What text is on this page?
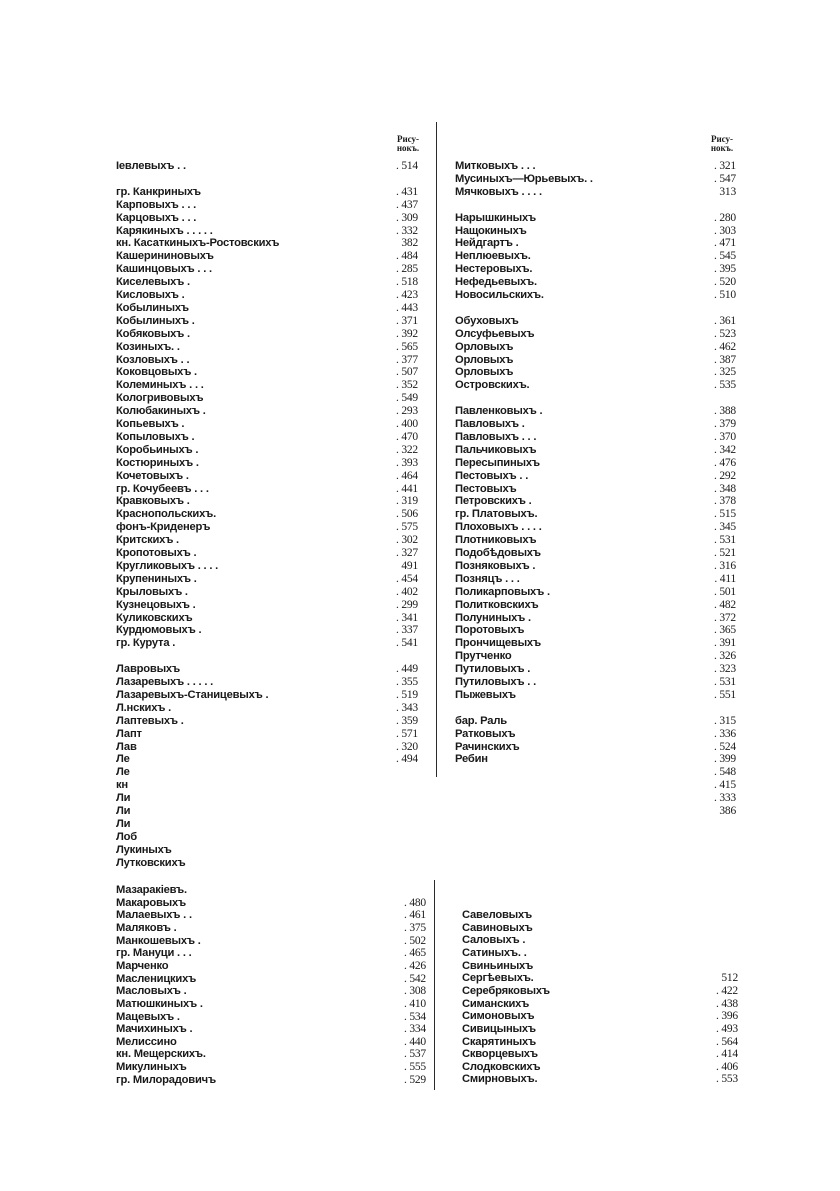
Рису-
нокъ.
Рису-
нокъ.
Іевлевыхъ . .	. 514
гр. Канкриныхъ	. 431
Карповыхъ . . .	. 437
Карцовыхъ . . .	. 309
Карякиныхъ . . . . .	. 332
кн. Касаткиныхъ-Ростовскихъ	382
Кашерининовыхъ	. 484
Кашинцовыхъ . . .	. 285
Киселевыхъ .	. 518
Кисловыхъ .	. 423
Кобылиныхъ	. 443
Кобылиныхъ .	. 371
Кобяковыхъ .	. 392
Козиныхъ. .	. 565
Козловыхъ . .	. 377
Коковцовыхъ .	. 507
Колеминыхъ . . .	. 352
Кологривовыхъ	. 549
Колюбакиныхъ .	. 293
Копьевыхъ .	. 400
Копыловыхъ .	. 470
Коробьиныхъ .	. 322
Костюриныхъ .	. 393
Кочетовыхъ .	. 464
гр. Кочубеевъ . . .	. 441
Кравковыхъ .	. 319
Краснопольскихъ.	. 506
фонъ-Криденеръ	. 575
Критскихъ .	. 302
Кропотовыхъ .	. 327
Кругликовыхъ . . . .	491
Крупениныхъ .	. 454
Крыловыхъ .	. 402
Кузнецовыхъ .	. 299
Куликовскихъ	. 341
Курдюмовыхъ .	. 337
гр. Курута .	. 541
Лавровыхъ	. 449
Лазаревыхъ . . . . .	. 355
Лазаревыхъ-Станицевыхъ .	. 519
Л.нскихъ .	. 343
Лаптевыхъ .	. 359
Лапт	. 571
Лав	. 320
Ле	. 494
Ле
кн
Ли
Ли
Ли
Лоб
Лукиныхъ
Лутковскихъ
Митковыхъ . . .	. 321
Мусиныхъ—Юрьевыхъ. .	. 547
Мячковыхъ . . . .	313
Нарышкиныхъ	. 280
Нащокиныхъ	. 303
Нейдгартъ .	. 471
Неплюевыхъ.	. 545
Нестеровыхъ.	. 395
Нефедьевыхъ.	. 520
Новосильскихъ.	. 510
Обуховыхъ	. 361
Олсуфьевыхъ	. 523
Орловыхъ	. 462
Орловыхъ	. 387
Орловыхъ	. 325
Островскихъ.	. 535
Павленковыхъ .	. 388
Павловыхъ .	. 379
Павловыхъ . . .	. 370
Пальчиковыхъ	. 342
Пересыпиныхъ	. 476
Пестовыхъ . .	. 292
Пестовыхъ	. 348
Петровскихъ .	. 378
гр. Платовыхъ.	. 515
Плоховыхъ . . . .	. 345
Плотниковыхъ	. 531
Подобѣдовыхъ	. 521
Позняковыхъ .	. 316
Позняцъ . . .	. 411
Поликарповыхъ .	. 501
Политковскихъ	. 482
Полуниныхъ .	. 372
Поротовыхъ	. 365
Прончищевыхъ	. 391
Прутченко	. 326
Путиловыхъ .	. 323
Путиловыхъ . .	. 531
Пыжевыхъ	. 551
бар. Раль	. 315
Ратковыхъ	. 336
Рачинскихъ	. 524
Ребин	. 399
. 548
. 415
. 333
386
Мазаракіевъ.
Макаровыхъ	. 480
Малаевыхъ . .	. 461
Маляковъ .	. 375
Манкошевыхъ .	. 502
гр. Мануци . . .	. 465
Марченко	. 426
Масленицкихъ	. 542
Масловыхъ .	. 308
Матюшкиныхъ .	. 410
Мацевыхъ .	. 534
Мачихиныхъ .	. 334
Мелиссино	. 440
кн. Мещерскихъ.	. 537
Микулиныхъ	. 555
гр. Милорадовичъ	. 529
Савеловыхъ
Савиновыхъ
Саловыхъ .
Сатиныхъ. .
Свиньиныхъ
Сергѣевыхъ.	512
Серебряковыхъ	. 422
Симанскихъ	. 438
Симоновыхъ	. 396
Сивицыныхъ	. 493
Скарятиныхъ	. 564
Скворцевыхъ	. 414
Слодковскихъ	. 406
Смирновыхъ.	. 553
